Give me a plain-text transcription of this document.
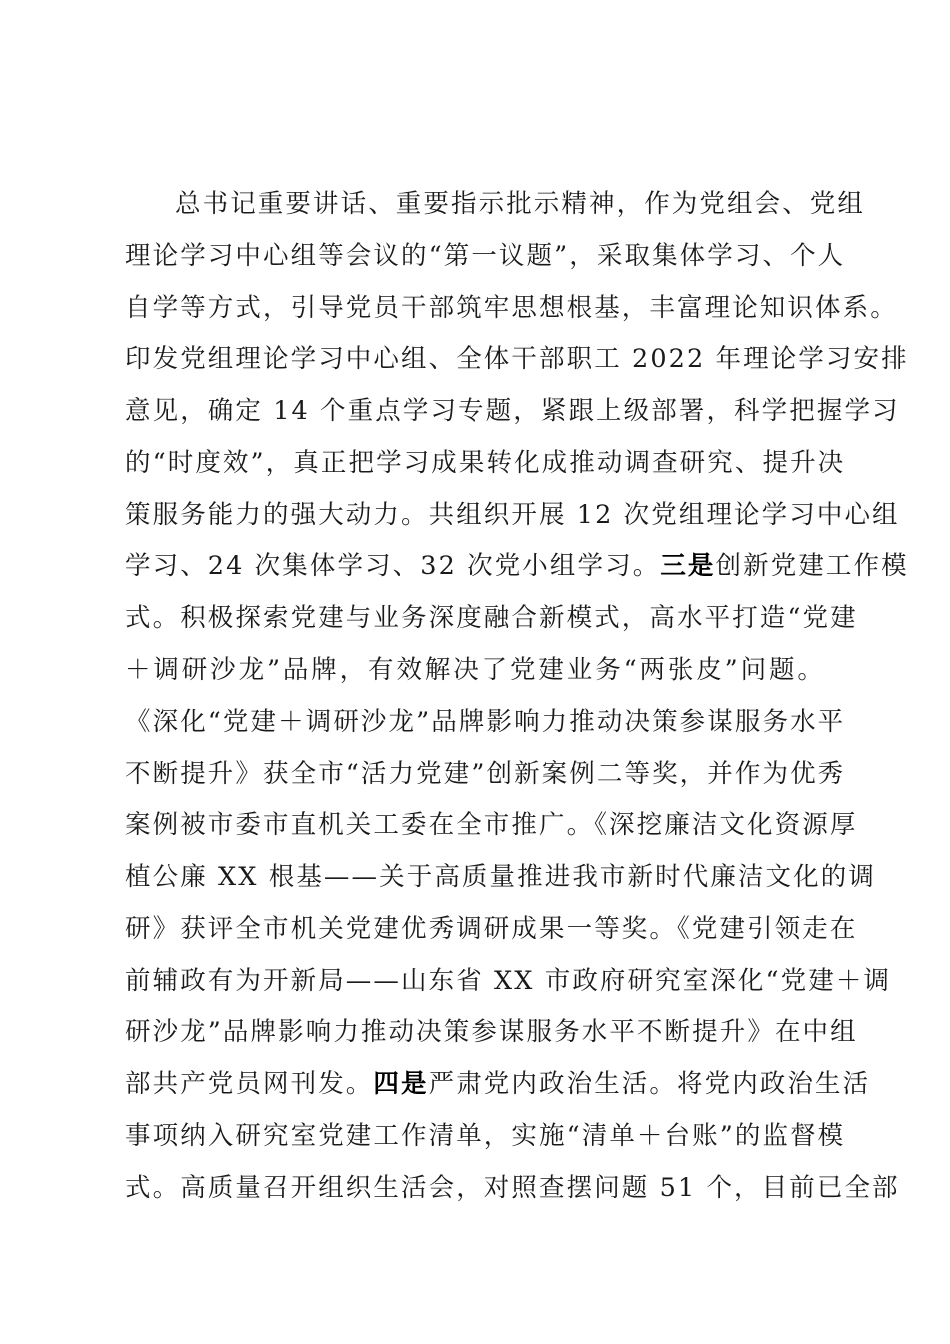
总书记重要讲话、重要指示批示精神，作为党组会、党组
理论学习中心组等会议的“第一议题”，采取集体学习、个人
自学等方式，引导党员干部筑牢思想根基，丰富理论知识体系。
印发党组理论学习中心组、全体干部职工 2022 年理论学习安排
意见，确定 14 个重点学习专题，紧跟上级部署，科学把握学习
的“时度效”，真正把学习成果转化成推动调查研究、提升决
策服务能力的强大动力。共组织开展 12 次党组理论学习中心组
学习、24 次集体学习、32 次党小组学习。三是创新党建工作模
式。积极探索党建与业务深度融合新模式，高水平打造“党建
＋调研沙龙”品牌，有效解决了党建业务“两张皮”问题。
《深化“党建＋调研沙龙”品牌影响力推动决策参谋服务水平
不断提升》获全市“活力党建”创新案例二等奖，并作为优秀
案例被市委市直机关工委在全市推广。《深挖廉洁文化资源厚
植公廉 XX 根基——关于高质量推进我市新时代廉洁文化的调
研》获评全市机关党建优秀调研成果一等奖。《党建引领走在
前辅政有为开新局——山东省 XX 市政府研究室深化“党建＋调
研沙龙”品牌影响力推动决策参谋服务水平不断提升》在中组
部共产党员网刊发。四是严肃党内政治生活。将党内政治生活
事项纳入研究室党建工作清单，实施“清单＋台账”的监督模
式。高质量召开组织生活会，对照查摆问题 51 个，目前已全部
